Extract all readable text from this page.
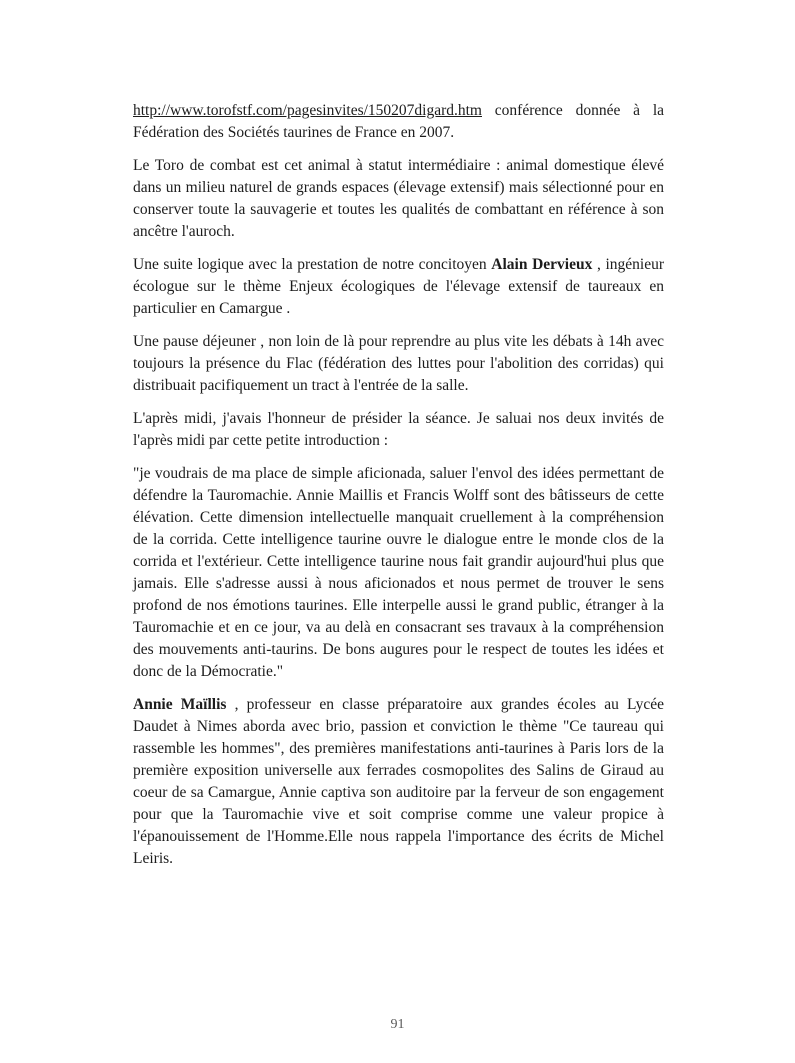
http://www.torofstf.com/pagesinvites/150207digard.htm conférence donnée à la Fédération des Sociétés taurines de France en 2007.

Le Toro de combat est cet animal à statut intermédiaire : animal domestique élevé dans un milieu naturel de grands espaces (élevage extensif) mais sélectionné pour en conserver toute la sauvagerie et toutes les qualités de combattant en référence à son ancêtre l'auroch.

Une suite logique avec la prestation de notre concitoyen Alain Dervieux , ingénieur écologue sur le thème Enjeux écologiques de l'élevage extensif de taureaux en particulier en Camargue .

Une pause déjeuner , non loin de là pour reprendre au plus vite les débats à 14h avec toujours la présence du Flac (fédération des luttes pour l'abolition des corridas) qui distribuait pacifiquement un tract à l'entrée de la salle.

L'après midi, j'avais l'honneur de présider la séance. Je saluai nos deux invités de l'après midi par cette petite introduction :

"je voudrais de ma place de simple aficionada, saluer l'envol des idées permettant de défendre la Tauromachie. Annie Maillis et Francis Wolff sont des bâtisseurs de cette élévation. Cette dimension intellectuelle manquait cruellement à la compréhension de la corrida. Cette intelligence taurine ouvre le dialogue entre le monde clos de la corrida et l'extérieur. Cette intelligence taurine nous fait grandir aujourd'hui plus que jamais. Elle s'adresse aussi à nous aficionados et nous permet de trouver le sens profond de nos émotions taurines. Elle interpelle aussi le grand public, étranger à la Tauromachie et en ce jour, va au delà en consacrant ses travaux à la compréhension des mouvements anti-taurins. De bons augures pour le respect de toutes les idées et donc de la Démocratie."

Annie Maïllis , professeur en classe préparatoire aux grandes écoles au Lycée Daudet à Nimes aborda avec brio, passion et conviction le thème "Ce taureau qui rassemble les hommes", des premières manifestations anti-taurines à Paris lors de la première exposition universelle aux ferrades cosmopolites des Salins de Giraud au coeur de sa Camargue, Annie captiva son auditoire par la ferveur de son engagement pour que la Tauromachie vive et soit comprise comme une valeur propice à l'épanouissement de l'Homme.Elle nous rappela l'importance des écrits de Michel Leiris.

91
